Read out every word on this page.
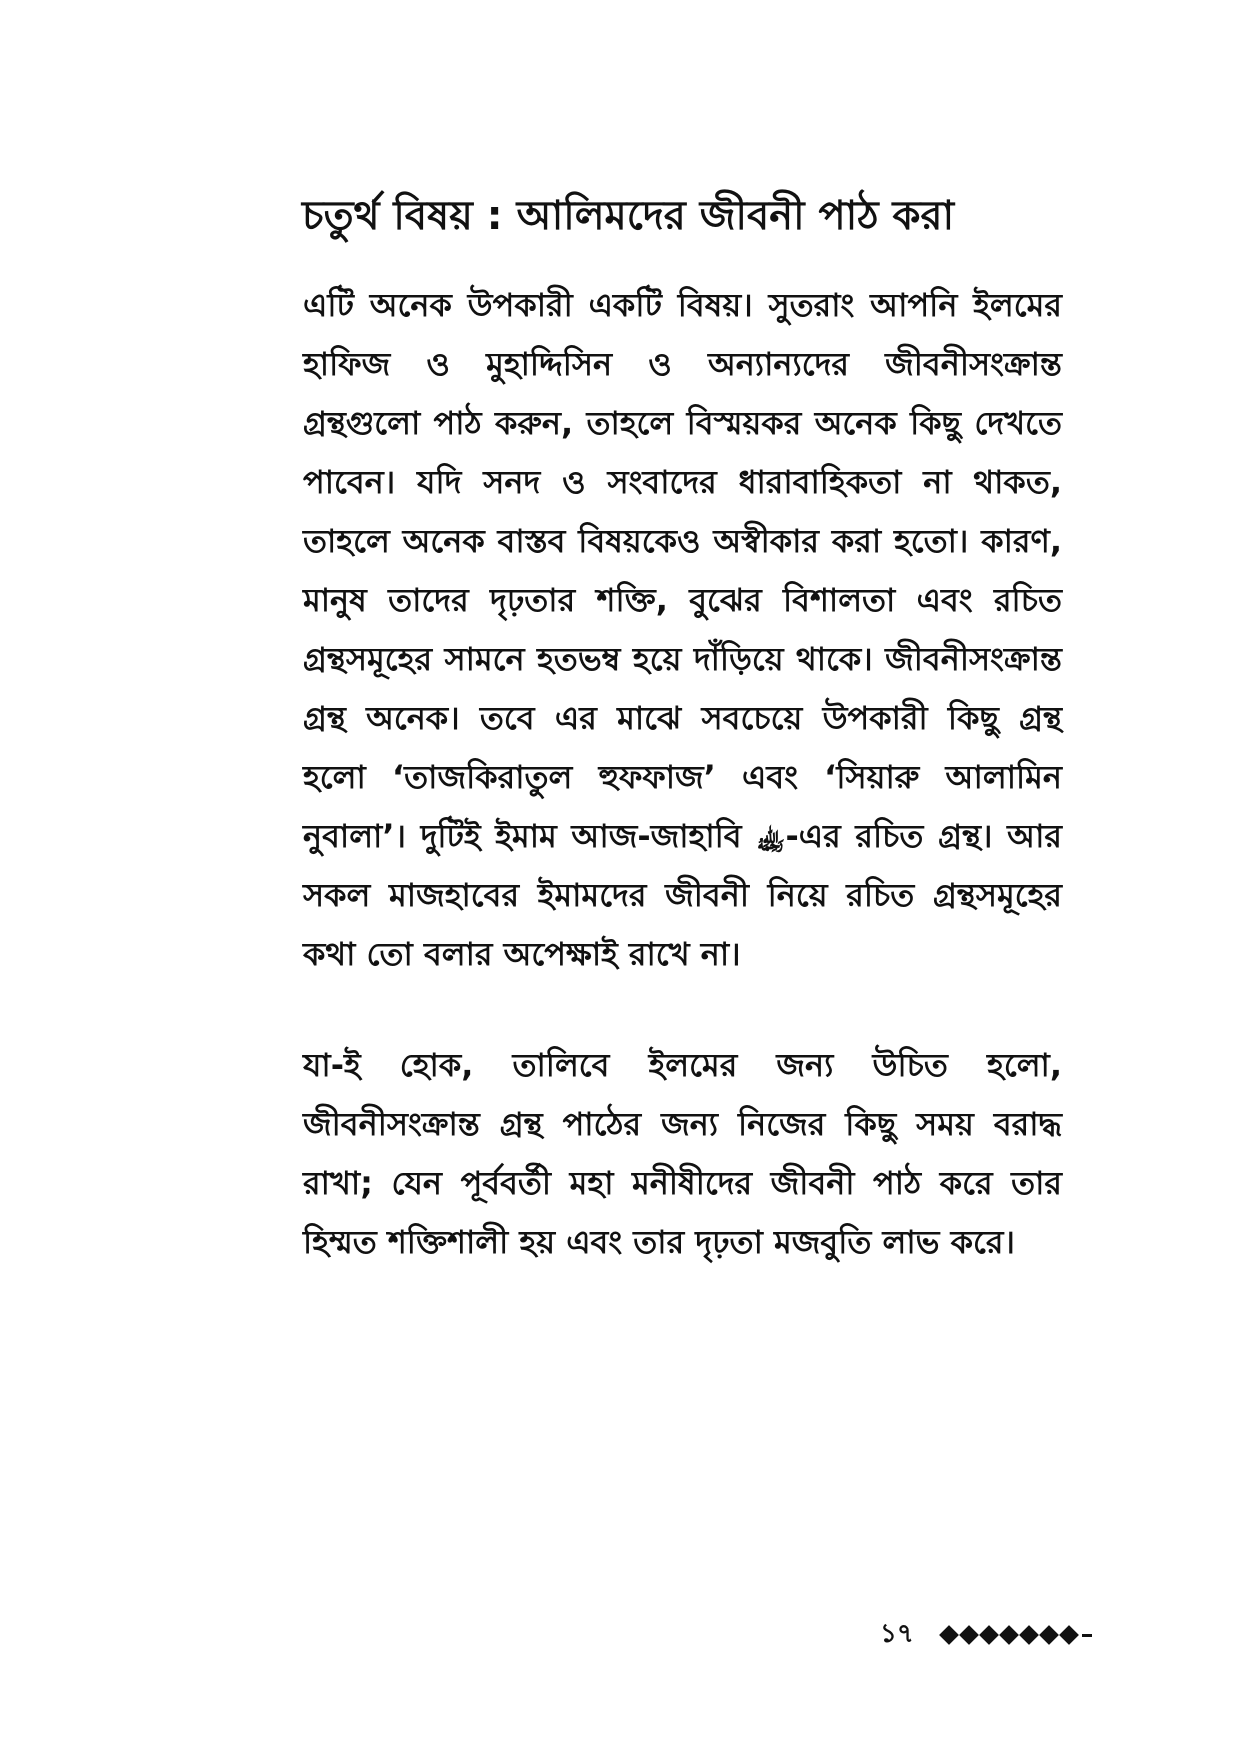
চতুর্থ বিষয় : আলিমদের জীবনী পাঠ করা

এটি অনেক উপকারী একটি বিষয়। সুতরাং আপনি ইলমের হাফিজ ও মুহাদ্দিসিন ও অন্যান্যদের জীবনীসংক্রান্ত গ্রন্থগুলো পাঠ করুন, তাহলে বিস্ময়কর অনেক কিছু দেখতে পাবেন। যদি সনদ ও সংবাদের ধারাবাহিকতা না থাকত, তাহলে অনেক বাস্তব বিষয়কেও অস্বীকার করা হতো। কারণ, মানুষ তাদের দৃঢ়তার শক্তি, বুঝের বিশালতা এবং রচিত গ্রন্থসমূহের সামনে হতভম্ব হয়ে দাঁড়িয়ে থাকে। জীবনীসংক্রান্ত গ্রন্থ অনেক। তবে এর মাঝে সবচেয়ে উপকারী কিছু গ্রন্থ হলো ‘তাজকিরাতুল হুফফাজ’ এবং ‘সিয়ারু আলামিন নুবালা’। দুটিই ইমাম আজ-জাহাবি ﵀-এর রচিত গ্রন্থ। আর সকল মাজহাবের ইমামদের জীবনী নিয়ে রচিত গ্রন্থসমূহের কথা তো বলার অপেক্ষাই রাখে না।

যা-ই হোক, তালিবে ইলমের জন্য উচিত হলো, জীবনীসংক্রান্ত গ্রন্থ পাঠের জন্য নিজের কিছু সময় বরাদ্ধ রাখা; যেন পূর্ববর্তী মহা মনীষীদের জীবনী পাঠ করে তার হিম্মত শক্তিশালী হয় এবং তার দৃঢ়তা মজবুতি লাভ করে।

১৭
